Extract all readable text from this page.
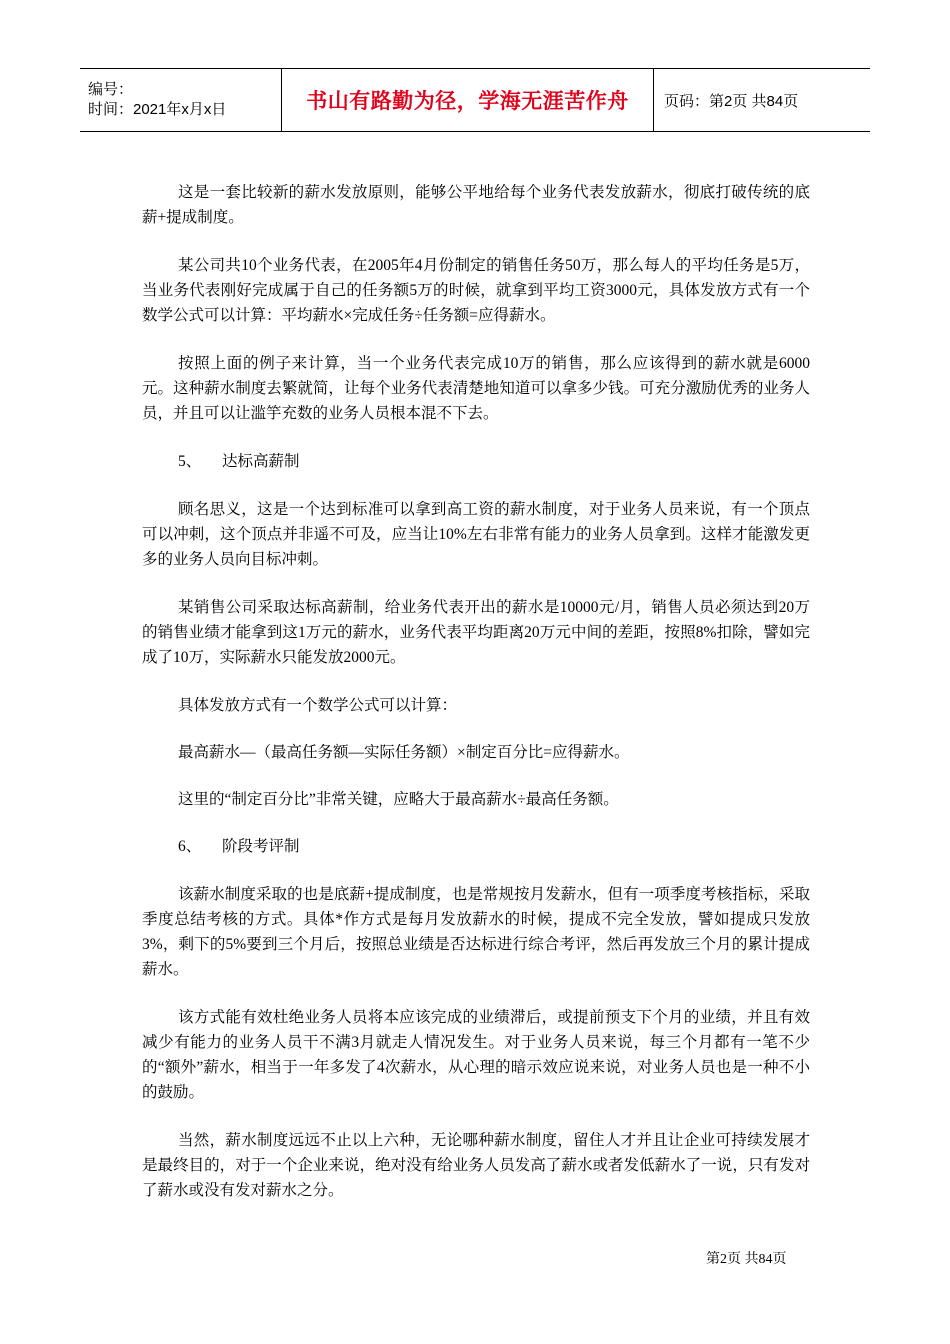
编号：
时间：2021年x月x日	书山有路勤为径，学海无涯苦作舟 页码：第2页 共84页

这是一套比较新的薪水发放原则，能够公平地给每个业务代表发放薪水，彻底打破传统的底薪+提成制度。

某公司共10个业务代表，在2005年4月份制定的销售任务50万，那么每人的平均任务是5万，当业务代表刚好完成属于自己的任务额5万的时候，就拿到平均工资3000元，具体发放方式有一个数学公式可以计算：平均薪水×完成任务÷任务额=应得薪水。

按照上面的例子来计算，当一个业务代表完成10万的销售，那么应该得到的薪水就是6000元。这种薪水制度去繁就简，让每个业务代表清楚地知道可以拿多少钱。可充分激励优秀的业务人员，并且可以让滥竽充数的业务人员根本混不下去。

5、 达标高薪制

顾名思义，这是一个达到标准可以拿到高工资的薪水制度，对于业务人员来说，有一个顶点可以冲刺，这个顶点并非遥不可及，应当让10%左右非常有能力的业务人员拿到。这样才能激发更多的业务人员向目标冲刺。

某销售公司采取达标高薪制，给业务代表开出的薪水是10000元/月，销售人员必须达到20万的销售业绩才能拿到这1万元的薪水，业务代表平均距离20万元中间的差距，按照8%扣除，譬如完成了10万，实际薪水只能发放2000元。

具体发放方式有一个数学公式可以计算：

最高薪水—（最高任务额—实际任务额）×制定百分比=应得薪水。

这里的“制定百分比”非常关键，应略大于最高薪水÷最高任务额。

6、 阶段考评制

该薪水制度采取的也是底薪+提成制度，也是常规按月发薪水，但有一项季度考核指标，采取季度总结考核的方式。具体*作方式是每月发放薪水的时候，提成不完全发放，譬如提成只发放3%，剩下的5%要到三个月后，按照总业绩是否达标进行综合考评，然后再发放三个月的累计提成薪水。

该方式能有效杜绝业务人员将本应该完成的业绩滞后，或提前预支下个月的业绩，并且有效减少有能力的业务人员干不满3月就走人情况发生。对于业务人员来说，每三个月都有一笔不少的“额外”薪水，相当于一年多发了4次薪水，从心理的暗示效应说来说，对业务人员也是一种不小的鼓励。

当然，薪水制度远远不止以上六种，无论哪种薪水制度，留住人才并且让企业可持续发展才是最终目的，对于一个企业来说，绝对没有给业务人员发高了薪水或者发低薪水了一说，只有发对了薪水或没有发对薪水之分。

第2页 共84页
